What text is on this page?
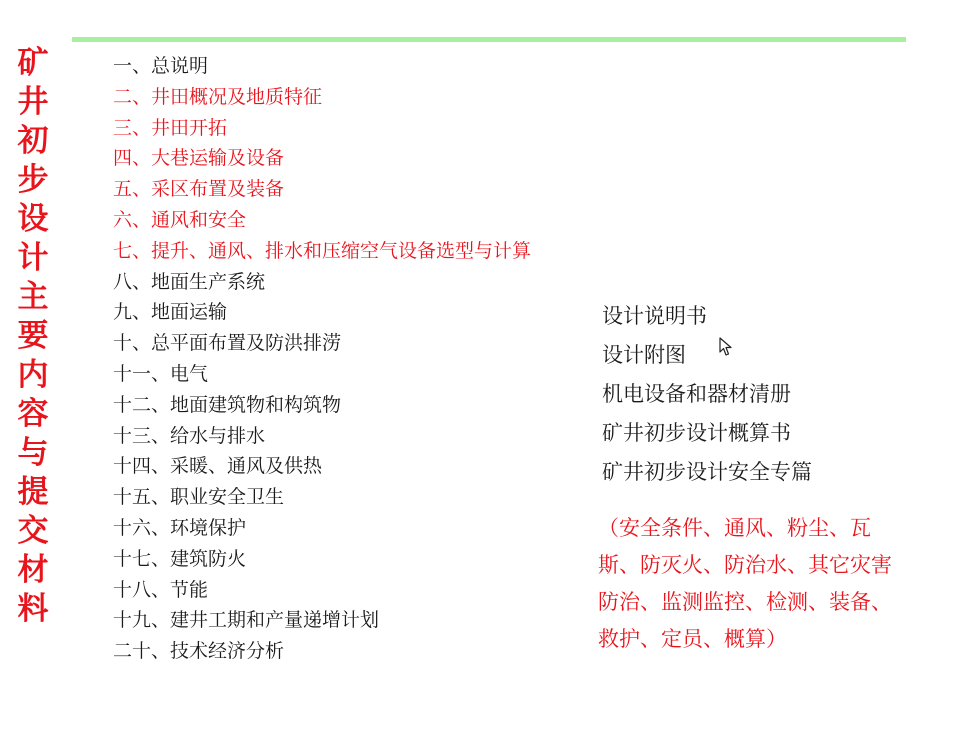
矿
井
初
步
设
计
主
要
内
容
与
提
交
材
料
一、总说明
二、井田概况及地质特征
三、井田开拓
四、大巷运输及设备
五、采区布置及装备
六、通风和安全
七、提升、通风、排水和压缩空气设备选型与计算
八、地面生产系统
九、地面运输
十、总平面布置及防洪排涝
十一、电气
十二、地面建筑物和构筑物
十三、给水与排水
十四、采暖、通风及供热
十五、职业安全卫生
十六、环境保护
十七、建筑防火
十八、节能
十九、建井工期和产量递增计划
二十、技术经济分析
设计说明书
设计附图
机电设备和器材清册
矿井初步设计概算书
矿井初步设计安全专篇
（安全条件、通风、粉尘、瓦
斯、防灭火、防治水、其它灾害
防治、监测监控、检测、装备、
救护、定员、概算）
